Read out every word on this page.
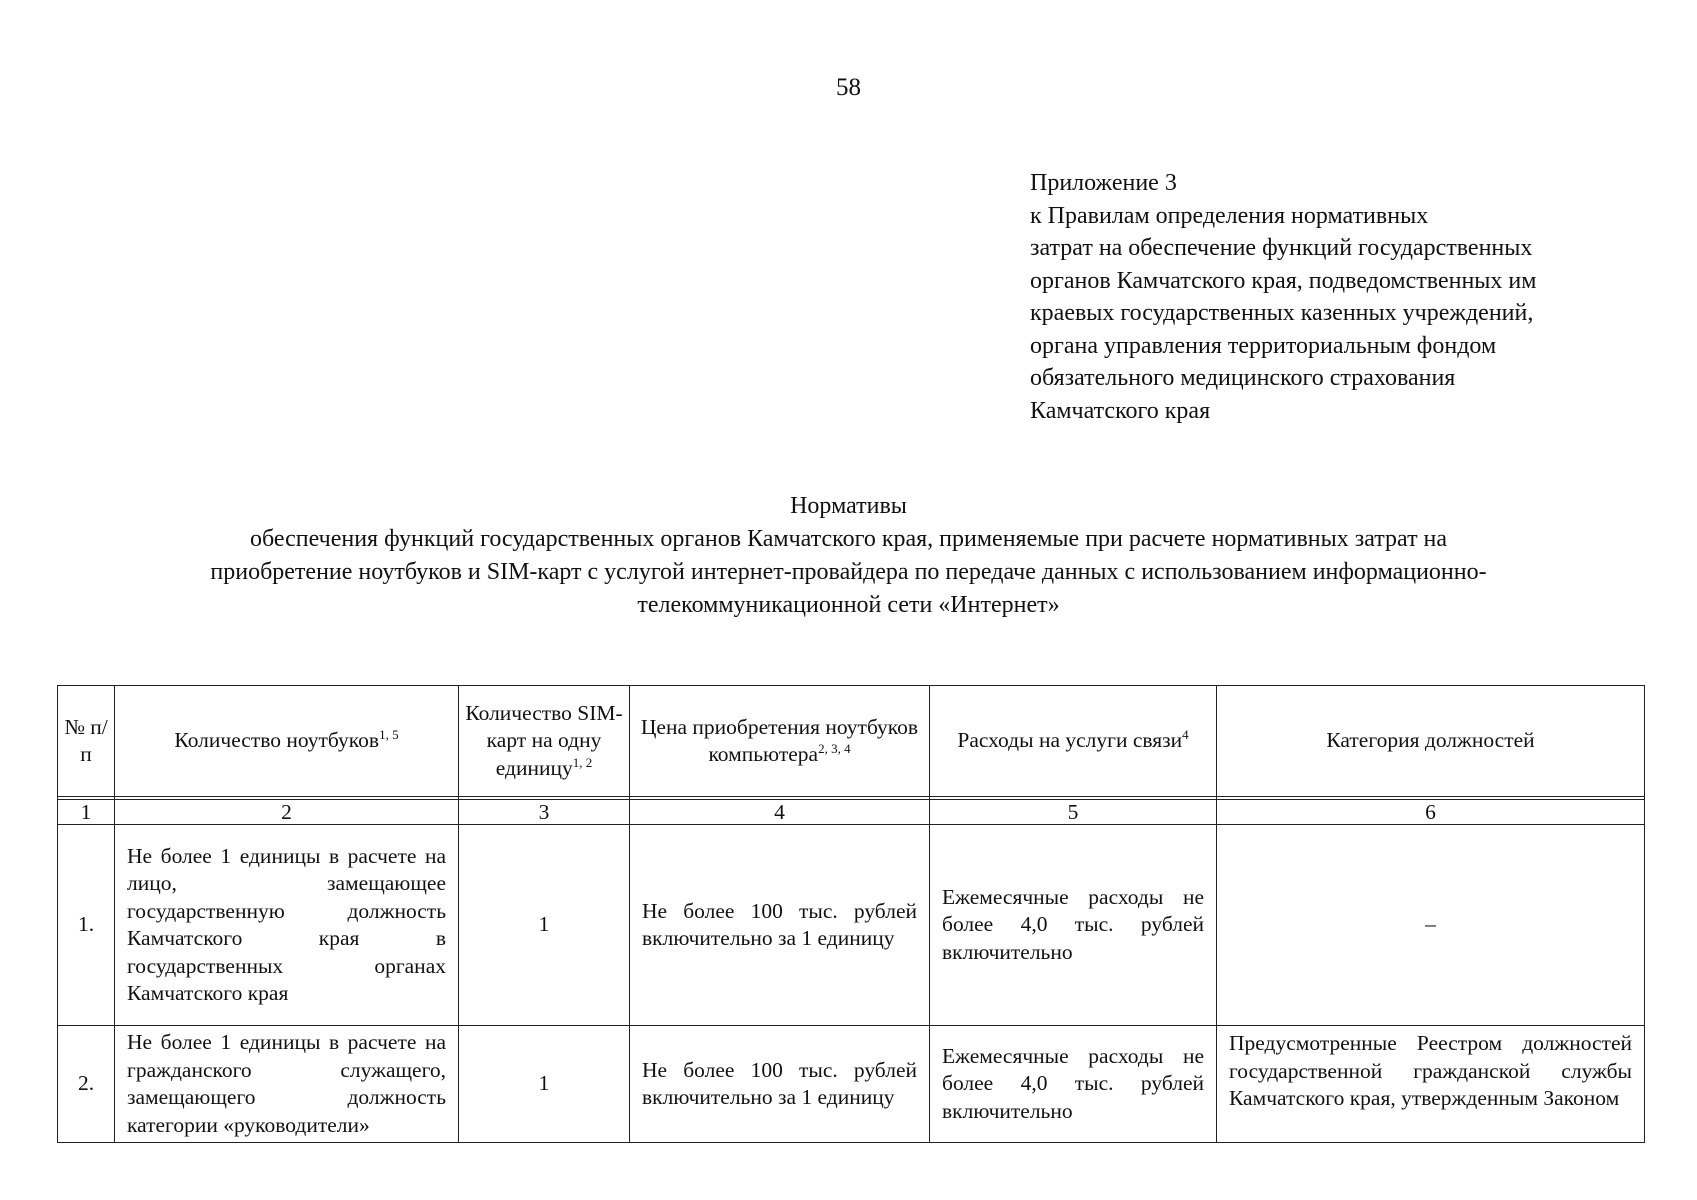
58
Приложение 3
к Правилам определения нормативных
затрат на обеспечение функций государственных
органов Камчатского края, подведомственных им
краевых государственных казенных учреждений,
органа управления территориальным фондом
обязательного медицинского страхования
Камчатского края
Нормативы
обеспечения функций государственных органов Камчатского края, применяемые при расчете нормативных затрат на
приобретение ноутбуков и SIM-карт с услугой интернет-провайдера по передаче данных с использованием информационно-
телекоммуникационной сети «Интернет»
№ п/п	Количество ноутбуков$^{1, 5}$	Количество SIM-карт на одну единицу$^{1, 2}$	Цена приобретения ноутбуков компьютера$^{2, 3, 4}$	Расходы на услуги связи$^4$	Категория должностей

1	2	3	4	5	6
1.	Не более 1 единицы в расчете на лицо, замещающее государственную должность Камчатского края в государственных органах Камчатского края	1	Не более 100 тыс. рублей включительно за 1 единицу	Ежемесячные расходы не более 4,0 тыс. рублей включительно	–
2.	Не более 1 единицы в расчете на гражданского служащего, замещающего должность категории «руководители»	1	Не более 100 тыс. рублей включительно за 1 единицу	Ежемесячные расходы не более 4,0 тыс. рублей включительно	Предусмотренные Реестром должностей государственной гражданской службы Камчатского края, утвержденным Законом
